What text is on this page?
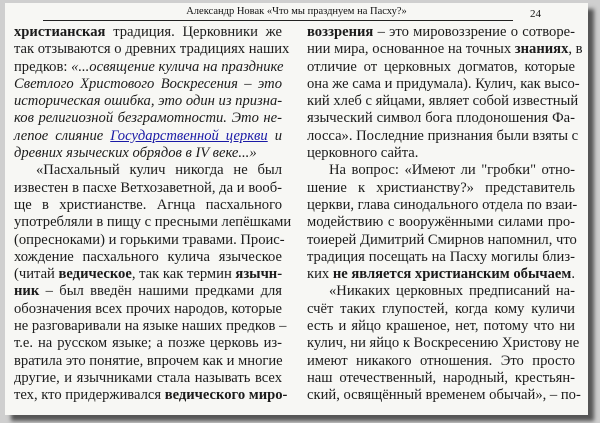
Александр Новак «Что мы празднуем на Пасху?»	24
христианская традиция. Церковники же
так отзываются о древних традициях наших
предков: «...освящение кулича на празднике
Светлого Христового Воскресения – это
историческая ошибка, это один из признa-
ков религиозной безграмотности. Это не-
лепое слияние Государственной церкви и
древних языческих обрядов в IV веке...»
«Пасхальный кулич никогда не был
известен в пасхе Ветхозаветной, да и вооб-
ще в христианстве. Агнца пасхального
употребляли в пищу с пресными лепёшками
(опресноками) и горькими травами. Проис-
хождение пасхального кулича языческое
(читай ведическое, так как термин язычн-
ник – был введён нашими предками для
обозначения всех прочих народов, которые
не разговаривали на языке наших предков –
т.е. на русском языке; а позже церковь из-
вратила это понятие, впрочем как и многие
другие, и язычниками стала называть всех
тех, кто придерживался ведического миро-
воззрения – это мировоззрение о сотворе-
нии мира, основанное на точных знаниях, в
отличие от церковных догматов, которые
она же сама и придумала). Кулич, как высо-
кий хлеб с яйцами, являет собой известный
языческий символ бога плодоношения Фа-
лосса». Последние признания были взяты с
церковного сайта.
На вопрос: «Имеют ли "гробки" отно-
шение к христианству?» представитель
церкви, глава синодального отдела по взаи-
модействию с вооружёнными силами про-
тоиерей Димитрий Смирнов напомнил, что
традиция посещать на Пасху могилы близ-
ких не является христианским обычаем.
«Никаких церковных предписаний на-
счёт таких глупостей, когда кому куличи
есть и яйцо крашеное, нет, потому что ни
кулич, ни яйцо к Воскресению Христову не
имеют никакого отношения. Это просто
наш отечественный, народный, крестьян-
ский, освящённый временем обычай», – по-
